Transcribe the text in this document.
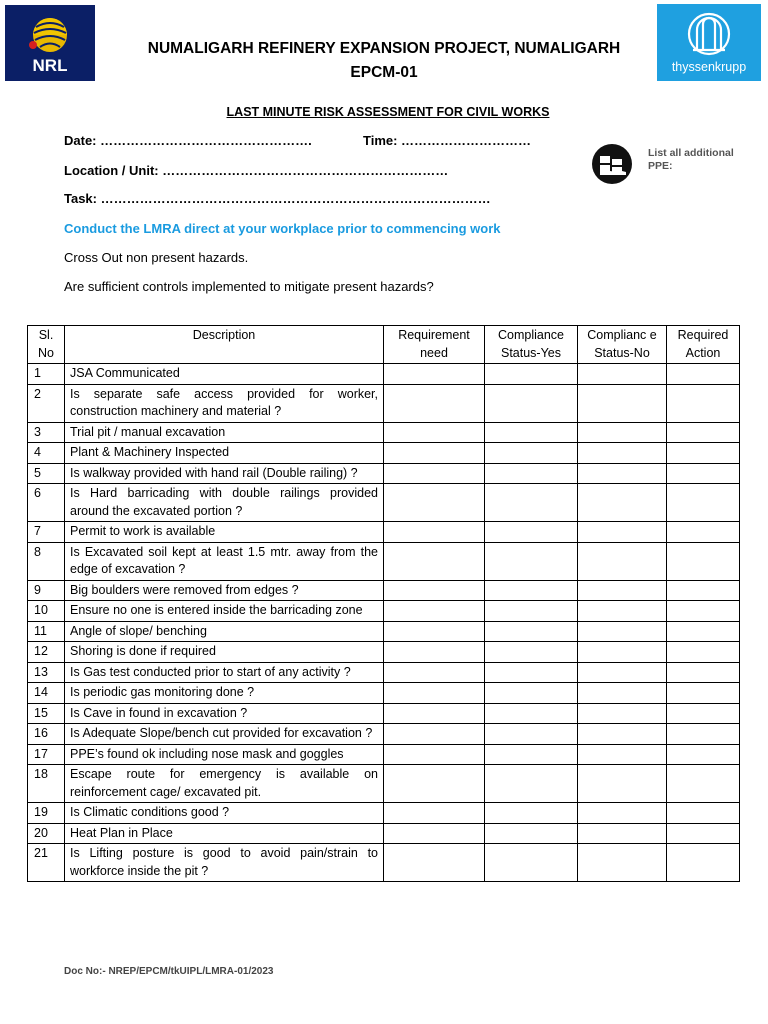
NRL	thyssenkrupp
NUMALIGARH REFINERY EXPANSION PROJECT, NUMALIGARH
EPCM-01
LAST MINUTE RISK ASSESSMENT FOR CIVIL WORKS
Date: ………………………………………….	Time: …………………………
Location / Unit: …………………………………………………………
Task: ………………………………………………………………………………
List all additional PPE:
Conduct the LMRA direct at your workplace prior to commencing work
Cross Out non present hazards.
Are sufficient controls implemented to mitigate present hazards?
Sl. No	Description	Requirement need	Compliance Status-Yes	Complianc e Status-No	Required Action
1	JSA Communicated				
2	Is separate safe access provided for worker, construction machinery and material ?				
3	Trial pit / manual excavation				
4	Plant & Machinery Inspected				
5	Is walkway provided with hand rail (Double railing) ?				
6	Is Hard barricading with double railings provided around the excavated portion ?				
7	Permit to work is available				
8	Is Excavated soil kept at least 1.5 mtr. away from the edge of excavation ?				
9	Big boulders were removed from edges ?				
10	Ensure no one is entered inside the barricading zone				
11	Angle of slope/ benching				
12	Shoring is done if required				
13	Is Gas test conducted prior to start of any activity ?				
14	Is periodic gas monitoring done ?				
15	Is Cave in found in excavation ?				
16	Is Adequate Slope/bench cut provided for excavation ?				
17	PPE’s found ok including nose mask and goggles				
18	Escape route for emergency is available on reinforcement cage/ excavated pit.				
19	Is Climatic conditions good ?				
20	Heat Plan in Place				
21	Is Lifting posture is good to avoid pain/strain to workforce inside the pit ?				
Doc No:- NREP/EPCM/tkUIPL/LMRA-01/2023
